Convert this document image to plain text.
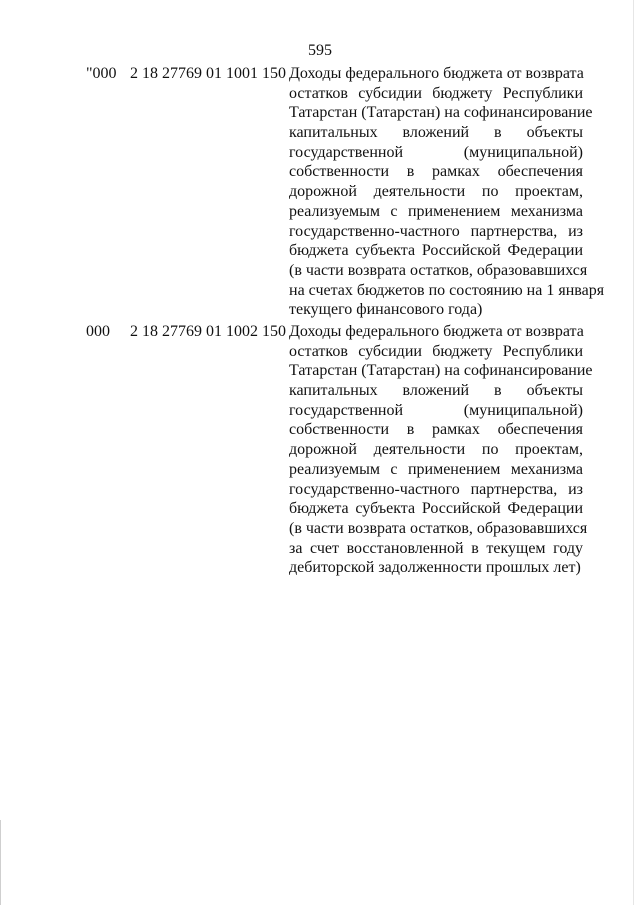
595
"000 2 18 27769 01 1001 150 Доходы федерального бюджета от возврата
остатков субсидии бюджету Республики
Татарстан (Татарстан) на софинансирование
капитальных вложений в объекты
государственной (муниципальной)
собственности в рамках обеспечения
дорожной деятельности по проектам,
реализуемым с применением механизма
государственно-частного партнерства, из
бюджета субъекта Российской Федерации
(в части возврата остатков, образовавшихся
на счетах бюджетов по состоянию на 1 января
текущего финансового года)
000 2 18 27769 01 1002 150 Доходы федерального бюджета от возврата
остатков субсидии бюджету Республики
Татарстан (Татарстан) на софинансирование
капитальных вложений в объекты
государственной (муниципальной)
собственности в рамках обеспечения
дорожной деятельности по проектам,
реализуемым с применением механизма
государственно-частного партнерства, из
бюджета субъекта Российской Федерации
(в части возврата остатков, образовавшихся
за счет восстановленной в текущем году
дебиторской задолженности прошлых лет)
